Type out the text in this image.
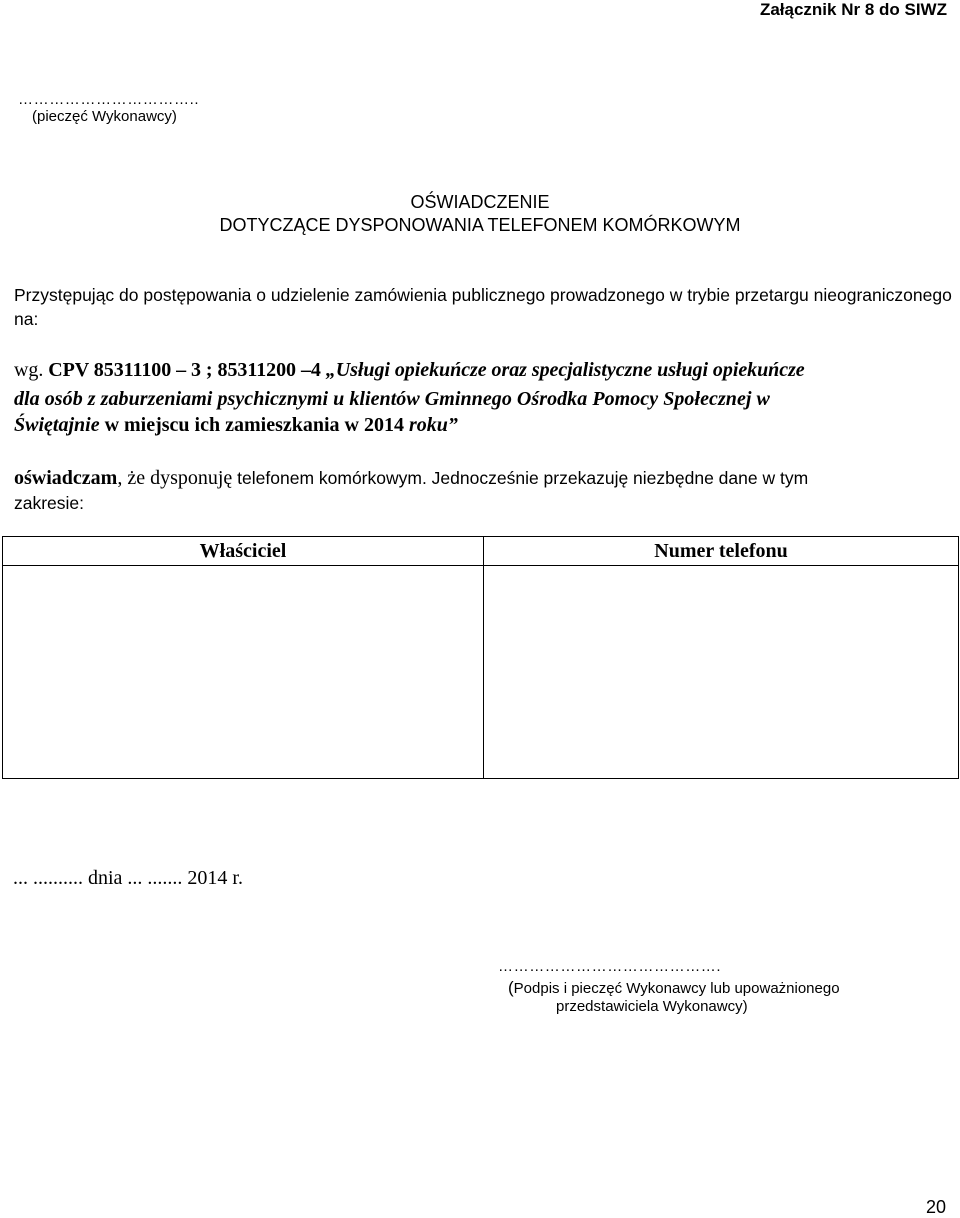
Załącznik Nr 8 do SIWZ
……………………………..
(pieczęć Wykonawcy)
OŚWIADCZENIE
DOTYCZĄCE DYSPONOWANIA TELEFONEM KOMÓRKOWYM
Przystępując do postępowania o udzielenie zamówienia publicznego prowadzonego w trybie przetargu nieograniczonego na:
wg. CPV 85311100 – 3 ; 85311200 –4 „Usługi opiekuńcze oraz specjalistyczne usługi opiekuńcze
dla osób z zaburzeniami psychicznymi u klientów Gminnego Ośrodka Pomocy Społecznej w
Świętajnie w miejscu ich zamieszkania w 2014 roku”
oświadczam, że dysponuję telefonem komórkowym. Jednocześnie przekazuję niezbędne dane w tym
zakresie:
Właściciel	Numer telefonu

... .......... dnia ... ....... 2014 r.
…………………………………….
(Podpis i pieczęć Wykonawcy lub upoważnionego
przedstawiciela Wykonawcy)
20
